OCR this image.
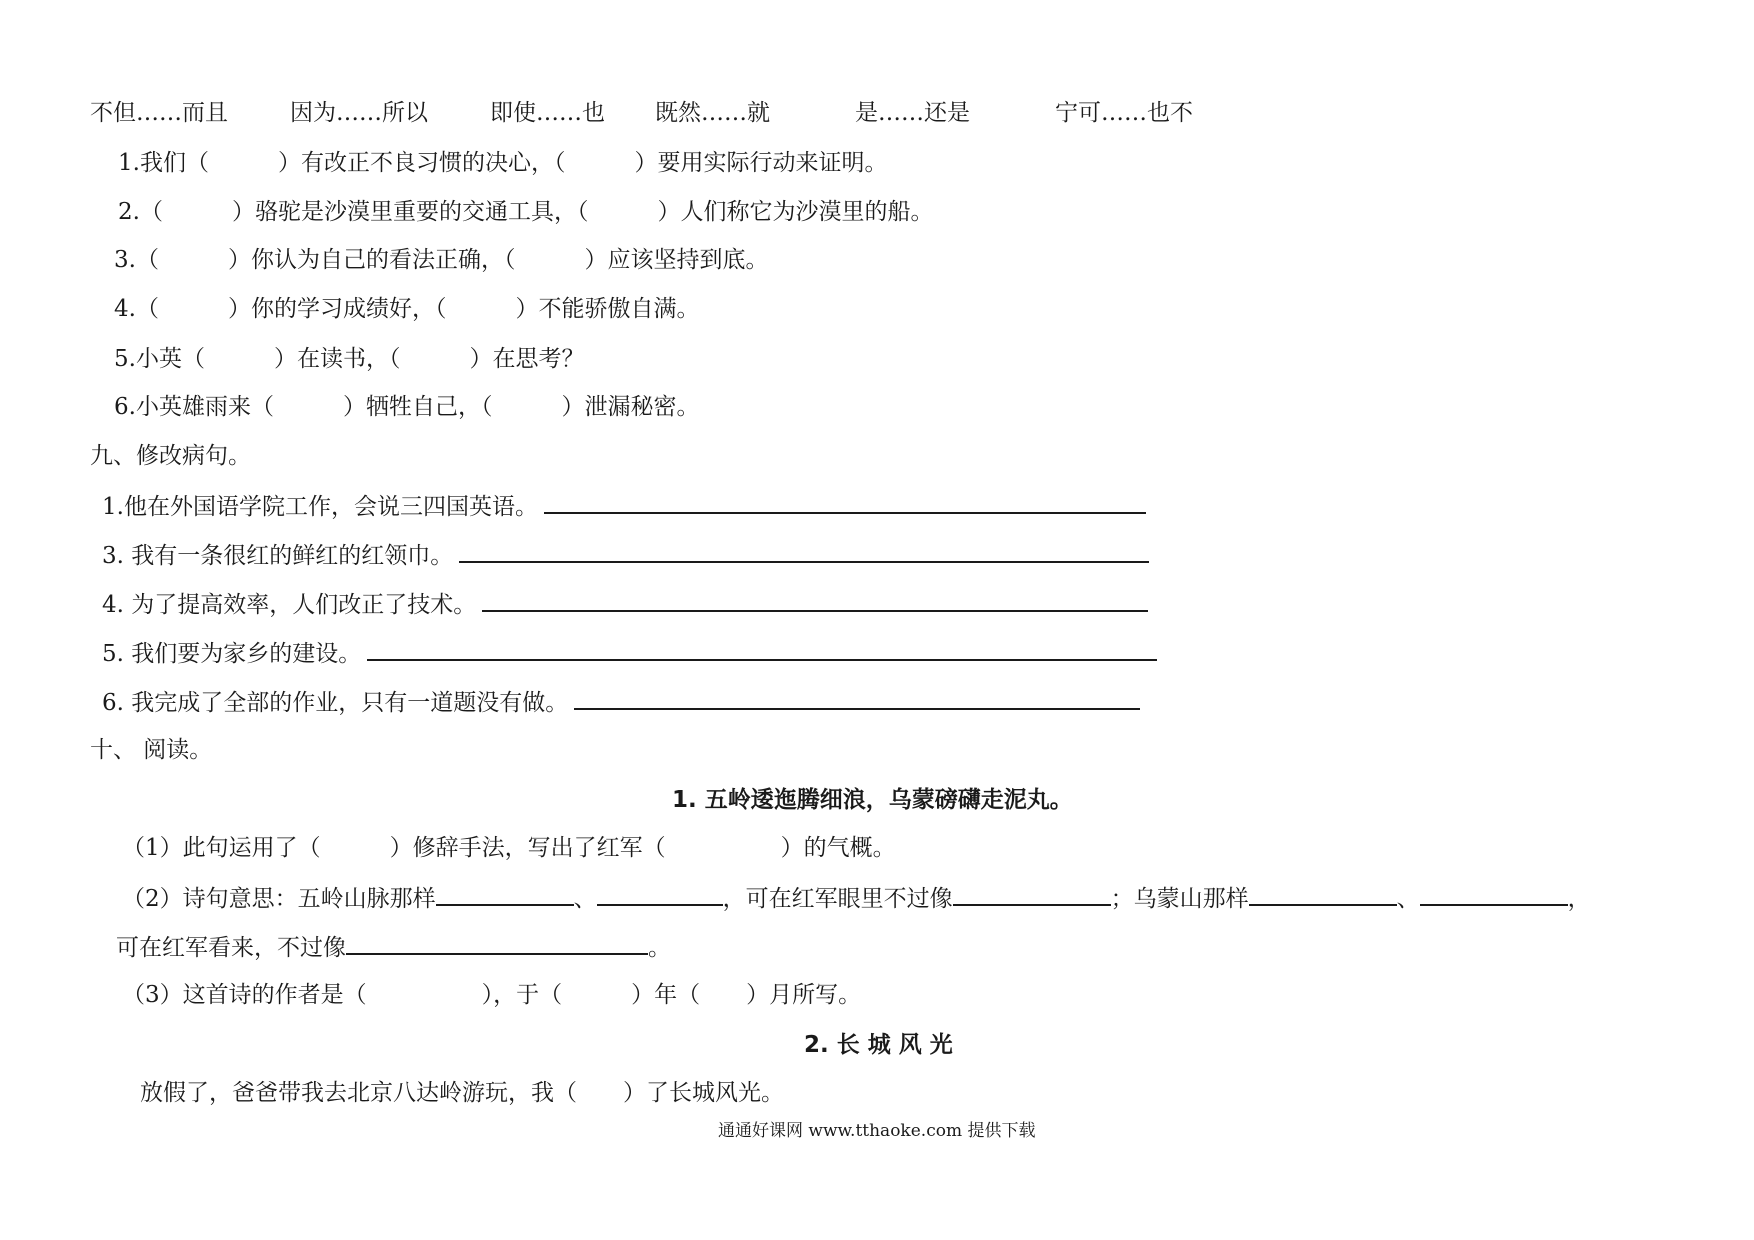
不但……而且	因为……所以	即使……也 既然……就	是……还是	宁可……也不
1.我们（　　　）有改正不良习惯的决心，（　　　）要用实际行动来证明。
2.（　　　）骆驼是沙漠里重要的交通工具，（　　　）人们称它为沙漠里的船。
3.（　　　）你认为自己的看法正确，（　　　）应该坚持到底。
4.（　　　）你的学习成绩好，（　　　）不能骄傲自满。
5.小英（　　　）在读书，（　　　）在思考？
6.小英雄雨来（　　　）牺牲自己，（　　　）泄漏秘密。
九、修改病句。
1.他在外国语学院工作，会说三四国英语。
3. 我有一条很红的鲜红的红领巾。
4. 为了提高效率，人们改正了技术。
5. 我们要为家乡的建设。
6. 我完成了全部的作业，只有一道题没有做。
十、 阅读。
1. 五岭逶迤腾细浪，乌蒙磅礴走泥丸。
（1）此句运用了（　　　）修辞手法，写出了红军（　　　　　）的气概。
（2）诗句意思：五岭山脉那样	、	，可在红军眼里不过像	；乌蒙山那样	、	，
可在红军看来，不过像	。
（3）这首诗的作者是（　　　　　），于（　　　）年（　　）月所写。
2. 长 城 风 光
放假了，爸爸带我去北京八达岭游玩，我（　　）了长城风光。
通通好课网 www.tthaoke.com 提供下载
